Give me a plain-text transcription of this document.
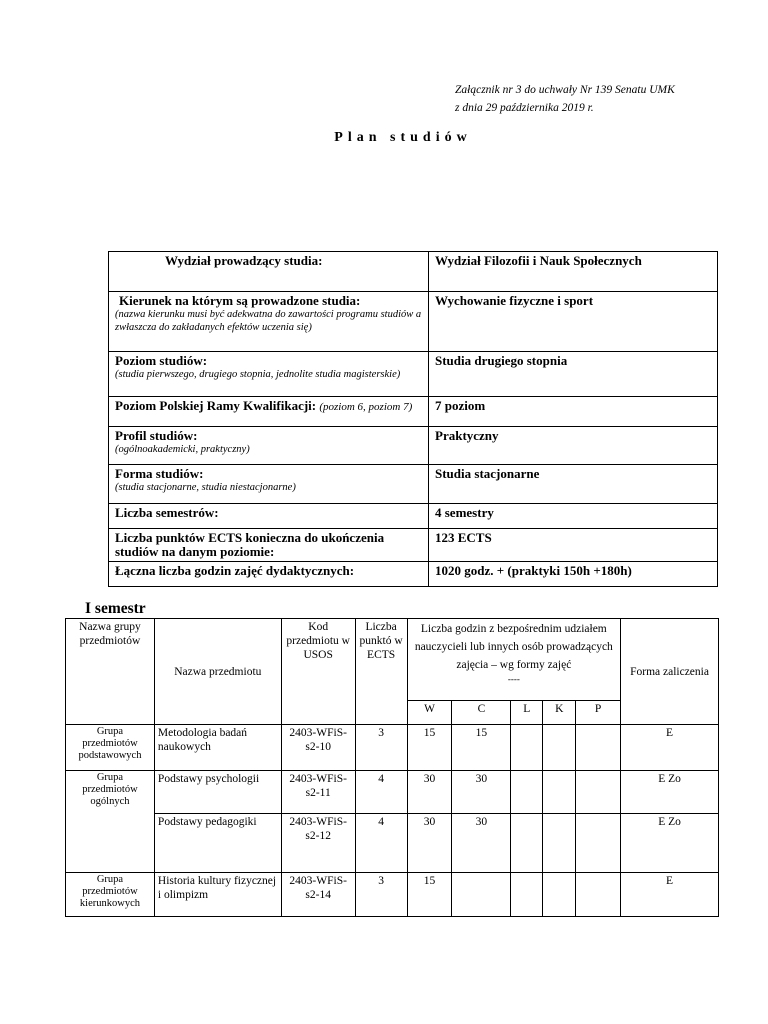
Załącznik nr 3 do uchwały Nr 139 Senatu UMK
z dnia 29 października 2019 r.
Plan studiów
Wydział prowadzący studia:	Wydział Filozofii i Nauk Społecznych
Kierunek na którym są prowadzone studia:
(nazwa kierunku musi być adekwatna do zawartości programu studiów a zwłaszcza do zakładanych efektów uczenia się)	Wychowanie fizyczne i sport
Poziom studiów:
(studia pierwszego, drugiego stopnia, jednolite studia magisterskie)	Studia drugiego stopnia
Poziom Polskiej Ramy Kwalifikacji: (poziom 6, poziom 7)	7 poziom
Profil studiów:
(ogólnoakademicki, praktyczny)	Praktyczny
Forma studiów:
(studia stacjonarne, studia niestacjonarne)	Studia stacjonarne
Liczba semestrów:	4 semestry
Liczba punktów ECTS konieczna do ukończenia studiów na danym poziomie:	123 ECTS
Łączna liczba godzin zajęć dydaktycznych:	1020 godz. + (praktyki 150h +180h)
I semestr
Nazwa grupy przedmiotów	Nazwa przedmiotu	Kod przedmiotu w USOS	Liczba punktó w ECTS	Liczba godzin z bezpośrednim udziałem nauczycieli lub innych osób prowadzących zajęcia – wg formy zajęć
----					Forma zaliczenia
				W	C	L	K	P	
Grupa przedmiotów podstawowych	Metodologia badań naukowych	2403-WFiS-s2-10	3	15	15				E
Grupa przedmiotów ogólnych	Podstawy psychologii	2403-WFiS-s2-11	4	30	30				E Zo
	Podstawy pedagogiki	2403-WFiS-s2-12	4	30	30				E Zo
Grupa przedmiotów kierunkowych	Historia kultury fizycznej i olimpizm	2403-WFiS-s2-14	3	15					E
